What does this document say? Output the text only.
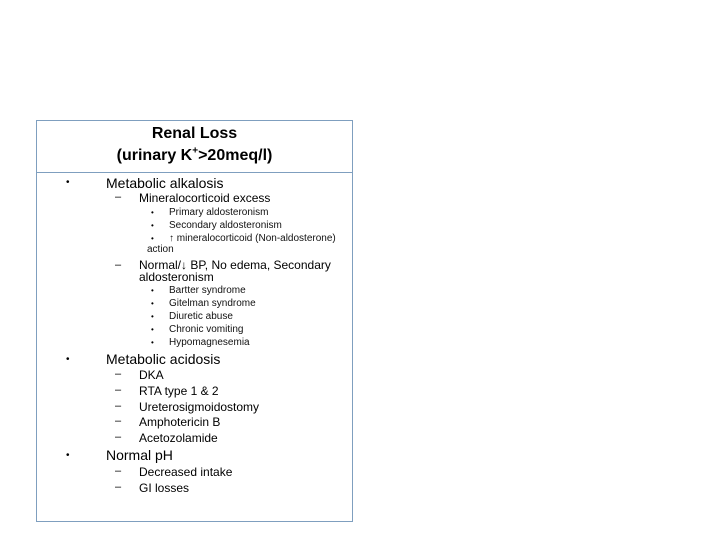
Renal Loss
(urinary K+>20meq/l)
•	Metabolic alkalosis
– Mineralocorticoid excess
• Primary aldosteronism
• Secondary aldosteronism
• ↑ mineralocorticoid (Non-aldosterone)
action
– Normal/↓ BP, No edema, Secondary
aldosteronism
• Bartter syndrome
• Gitelman syndrome
• Diuretic abuse
• Chronic vomiting
• Hypomagnesemia
•	Metabolic acidosis
– DKA
– RTA type 1 & 2
– Ureterosigmoidostomy
– Amphotericin B
– Acetozolamide
•	Normal pH
– Decreased intake
– GI losses
